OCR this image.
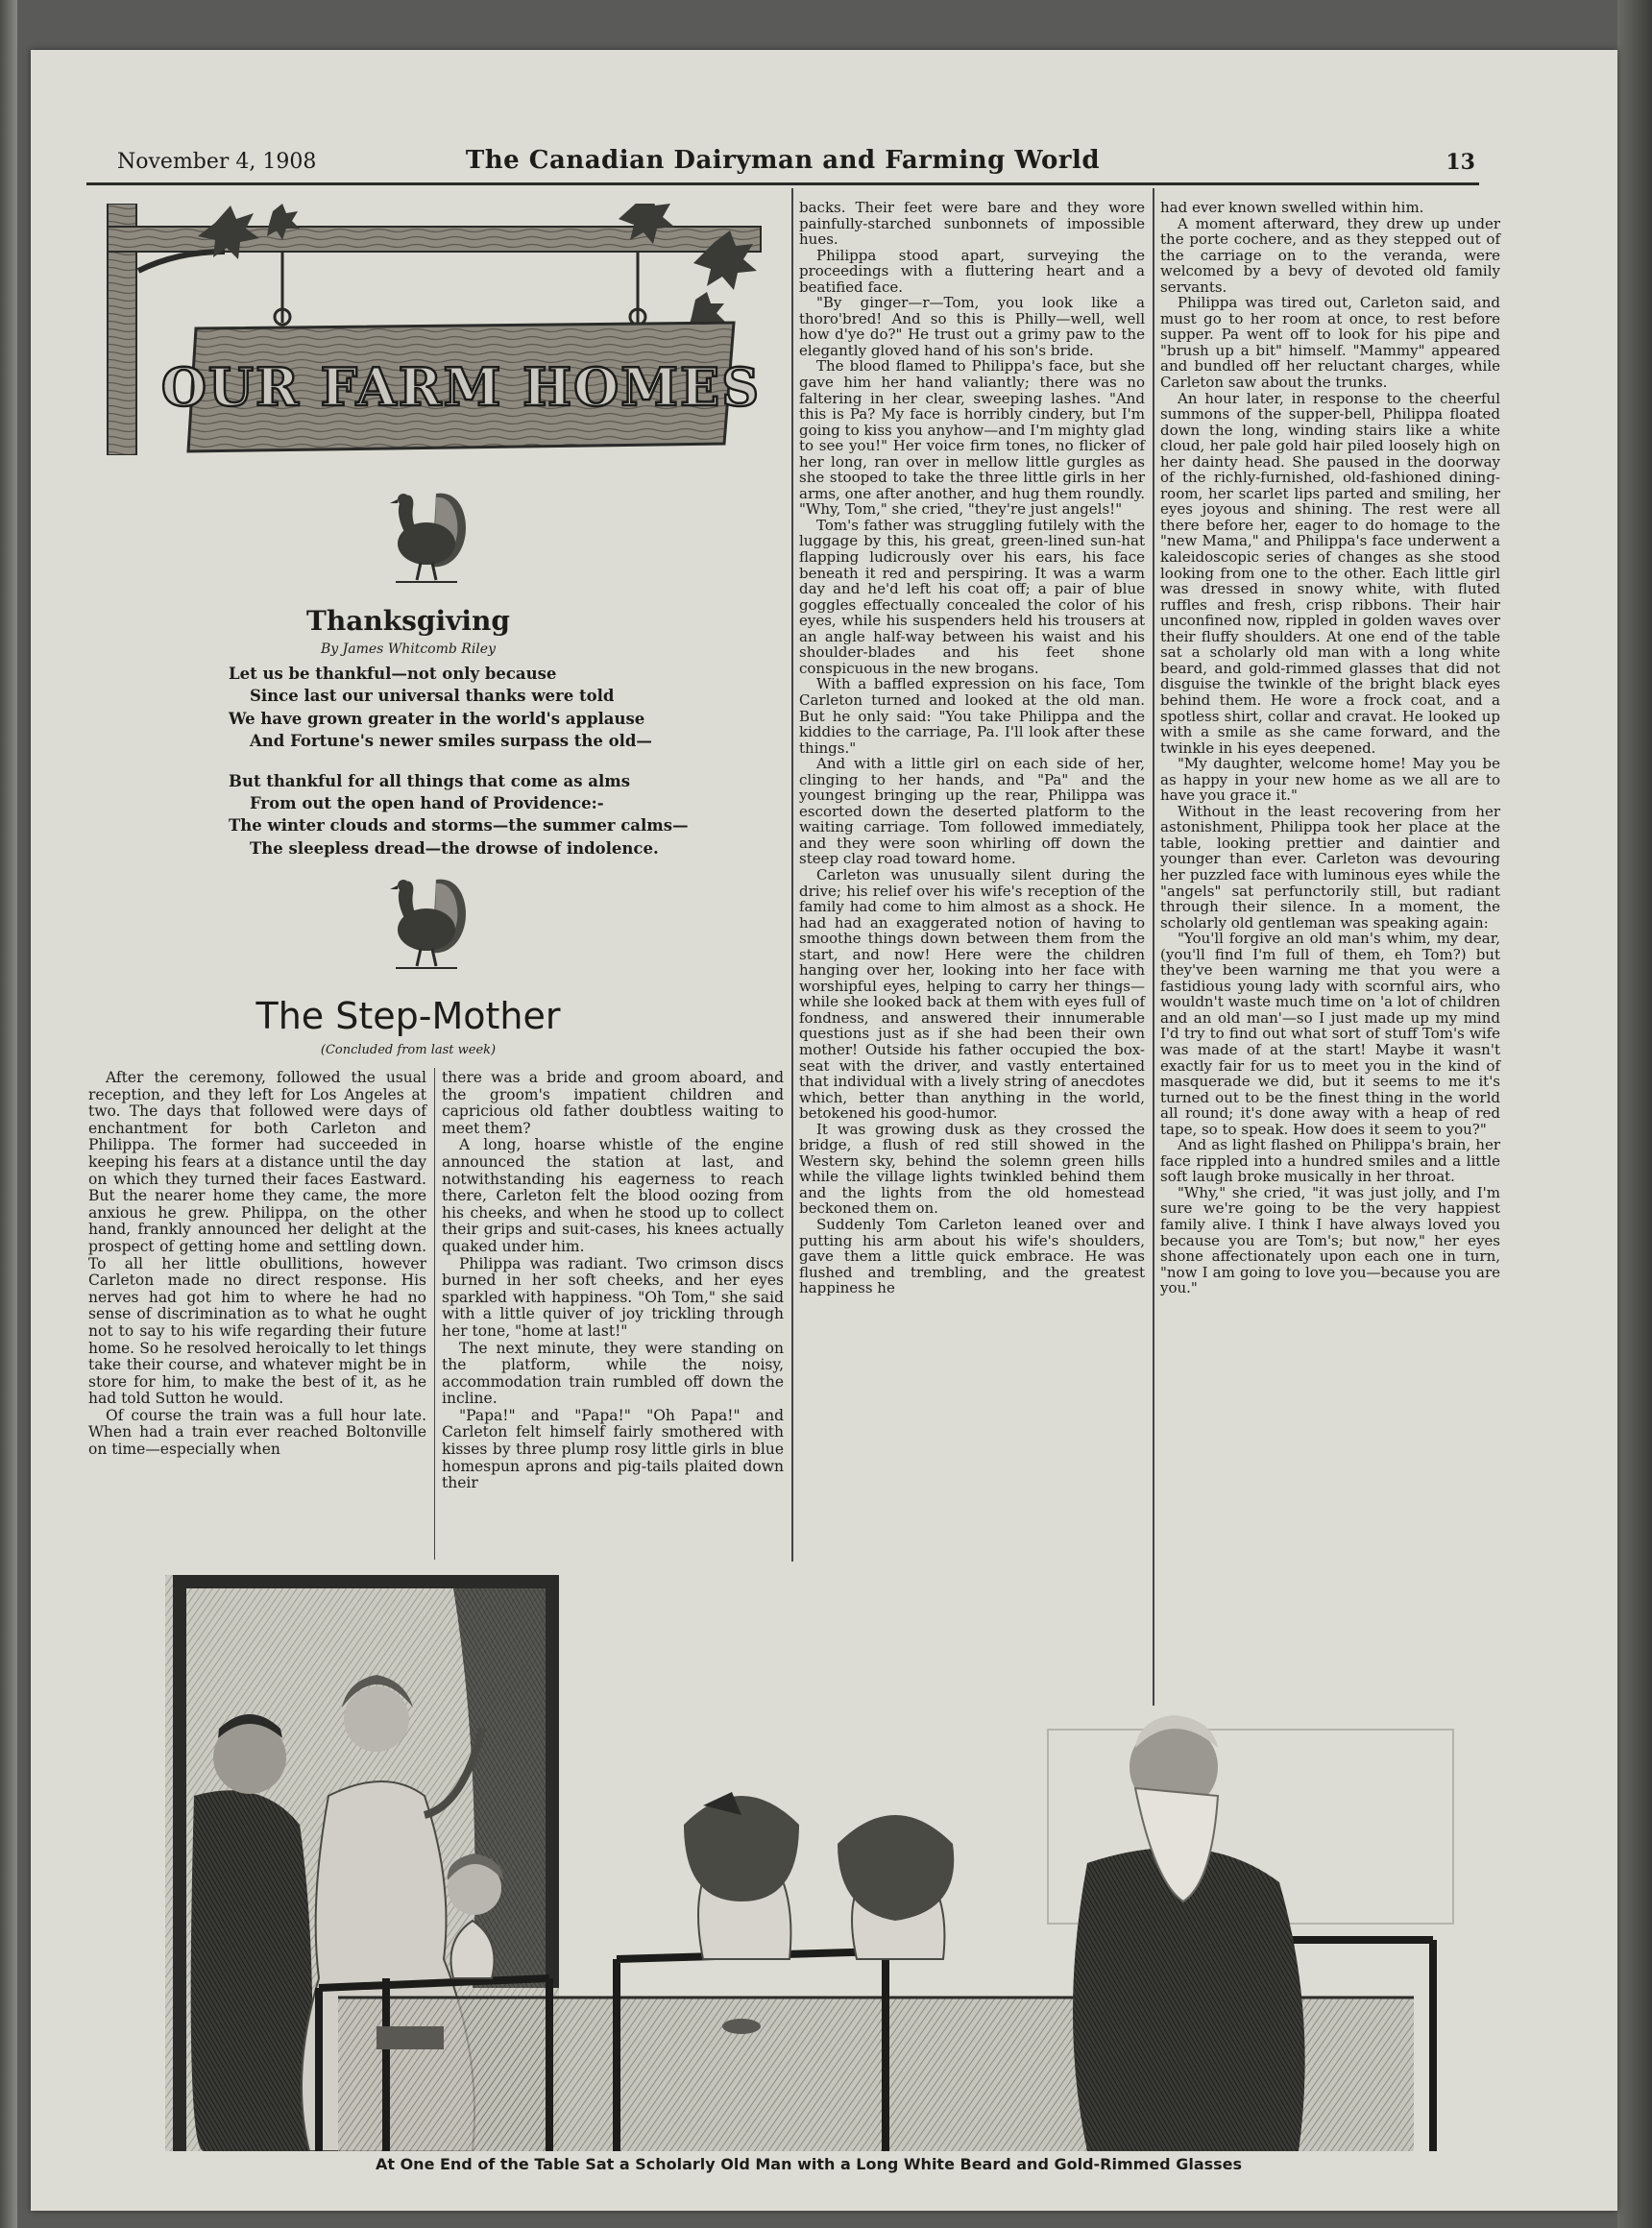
November 4, 1908	The Canadian Dairyman and Farming World	13
OUR FARM HOMES
Thanksgiving
By James Whitcomb Riley
Let us be thankful—not only because
Since last our universal thanks were told
We have grown greater in the world's applause
And Fortune's newer smiles surpass the old—
But thankful for all things that come as alms
From out the open hand of Providence:-
The winter clouds and storms—the summer calms—
The sleepless dread—the drowse of indolence.
The Step-Mother
(Concluded from last week)

After the ceremony, followed the usual reception, and they left for Los Angeles at two. The days that followed were days of enchantment for both Carleton and Philippa. The former had succeeded in keeping his fears at a distance until the day on which they turned their faces Eastward. But the nearer home they came, the more anxious he grew. Philippa, on the other hand, frankly announced her delight at the prospect of getting home and settling down. To all her little obullitions, however Carleton made no direct response. His nerves had got him to where he had no sense of discrimination as to what he ought not to say to his wife regarding their future home. So he resolved heroically to let things take their course, and whatever might be in store for him, to make the best of it, as he had told Sutton he would.

Of course the train was a full hour late. When had a train ever reached Boltonville on time—especially when

there was a bride and groom aboard, and the groom's impatient children and capricious old father doubtless waiting to meet them?

A long, hoarse whistle of the engine announced the station at last, and notwithstanding his eagerness to reach there, Carleton felt the blood oozing from his cheeks, and when he stood up to collect their grips and suit-cases, his knees actually quaked under him.

Philippa was radiant. Two crimson discs burned in her soft cheeks, and her eyes sparkled with happiness. "Oh Tom," she said with a little quiver of joy trickling through her tone, "home at last!"

The next minute, they were standing on the platform, while the noisy, accommodation train rumbled off down the incline.

"Papa!" and "Papa!" "Oh Papa!" and Carleton felt himself fairly smothered with kisses by three plump rosy little girls in blue homespun aprons and pig-tails plaited down their

backs. Their feet were bare and they wore painfully-starched sunbonnets of impossible hues.

Philippa stood apart, surveying the proceedings with a fluttering heart and a beatified face.

"By ginger—r—Tom, you look like a thoro'bred! And so this is Philly—well, well how d'ye do?" He trust out a grimy paw to the elegantly gloved hand of his son's bride.

The blood flamed to Philippa's face, but she gave him her hand valiantly; there was no faltering in her clear, sweeping lashes. "And this is Pa? My face is horribly cindery, but I'm going to kiss you anyhow—and I'm mighty glad to see you!" Her voice firm tones, no flicker of her long, ran over in mellow little gurgles as she stooped to take the three little girls in her arms, one after another, and hug them roundly. "Why, Tom," she cried, "they're just angels!"

Tom's father was struggling futilely with the luggage by this, his great, green-lined sun-hat flapping ludicrously over his ears, his face beneath it red and perspiring. It was a warm day and he'd left his coat off; a pair of blue goggles effectually concealed the color of his eyes, while his suspenders held his trousers at an angle half-way between his waist and his shoulder-blades and his feet shone conspicuous in the new brogans.

With a baffled expression on his face, Tom Carleton turned and looked at the old man. But he only said: "You take Philippa and the kiddies to the carriage, Pa. I'll look after these things."

And with a little girl on each side of her, clinging to her hands, and "Pa" and the youngest bringing up the rear, Philippa was escorted down the deserted platform to the waiting carriage. Tom followed immediately, and they were soon whirling off down the steep clay road toward home.

Carleton was unusually silent during the drive; his relief over his wife's reception of the family had come to him almost as a shock. He had had an exaggerated notion of having to smoothe things down between them from the start, and now! Here were the children hanging over her, looking into her face with worshipful eyes, helping to carry her things—while she looked back at them with eyes full of fondness, and answered their innumerable questions just as if she had been their own mother! Outside his father occupied the box-seat with the driver, and vastly entertained that individual with a lively string of anecdotes which, better than anything in the world, betokened his good-humor.

It was growing dusk as they crossed the bridge, a flush of red still showed in the Western sky, behind the solemn green hills while the village lights twinkled behind them and the lights from the old homestead beckoned them on.

Suddenly Tom Carleton leaned over and putting his arm about his wife's shoulders, gave them a little quick embrace. He was flushed and trembling, and the greatest happiness he

had ever known swelled within him.

A moment afterward, they drew up under the porte cochere, and as they stepped out of the carriage on to the veranda, were welcomed by a bevy of devoted old family servants.

Philippa was tired out, Carleton said, and must go to her room at once, to rest before supper. Pa went off to look for his pipe and "brush up a bit" himself. "Mammy" appeared and bundled off her reluctant charges, while Carleton saw about the trunks.

An hour later, in response to the cheerful summons of the supper-bell, Philippa floated down the long, winding stairs like a white cloud, her pale gold hair piled loosely high on her dainty head. She paused in the doorway of the richly-furnished, old-fashioned dining-room, her scarlet lips parted and smiling, her eyes joyous and shining. The rest were all there before her, eager to do homage to the "new Mama," and Philippa's face underwent a kaleidoscopic series of changes as she stood looking from one to the other. Each little girl was dressed in snowy white, with fluted ruffles and fresh, crisp ribbons. Their hair unconfined now, rippled in golden waves over their fluffy shoulders. At one end of the table sat a scholarly old man with a long white beard, and gold-rimmed glasses that did not disguise the twinkle of the bright black eyes behind them. He wore a frock coat, and a spotless shirt, collar and cravat. He looked up with a smile as she came forward, and the twinkle in his eyes deepened.

"My daughter, welcome home! May you be as happy in your new home as we all are to have you grace it."

Without in the least recovering from her astonishment, Philippa took her place at the table, looking prettier and daintier and younger than ever. Carleton was devouring her puzzled face with luminous eyes while the "angels" sat perfunctorily still, but radiant through their silence. In a moment, the scholarly old gentleman was speaking again:

"You'll forgive an old man's whim, my dear, (you'll find I'm full of them, eh Tom?) but they've been warning me that you were a fastidious young lady with scornful airs, who wouldn't waste much time on 'a lot of children and an old man'—so I just made up my mind I'd try to find out what sort of stuff Tom's wife was made of at the start! Maybe it wasn't exactly fair for us to meet you in the kind of masquerade we did, but it seems to me it's turned out to be the finest thing in the world all round; it's done away with a heap of red tape, so to speak. How does it seem to you?"

And as light flashed on Philippa's brain, her face rippled into a hundred smiles and a little soft laugh broke musically in her throat.

"Why," she cried, "it was just jolly, and I'm sure we're going to be the very happiest family alive. I think I have always loved you because you are Tom's; but now," her eyes shone affectionately upon each one in turn, "now I am going to love you—because you are you."

At One End of the Table Sat a Scholarly Old Man with a Long White Beard and Gold-Rimmed Glasses
